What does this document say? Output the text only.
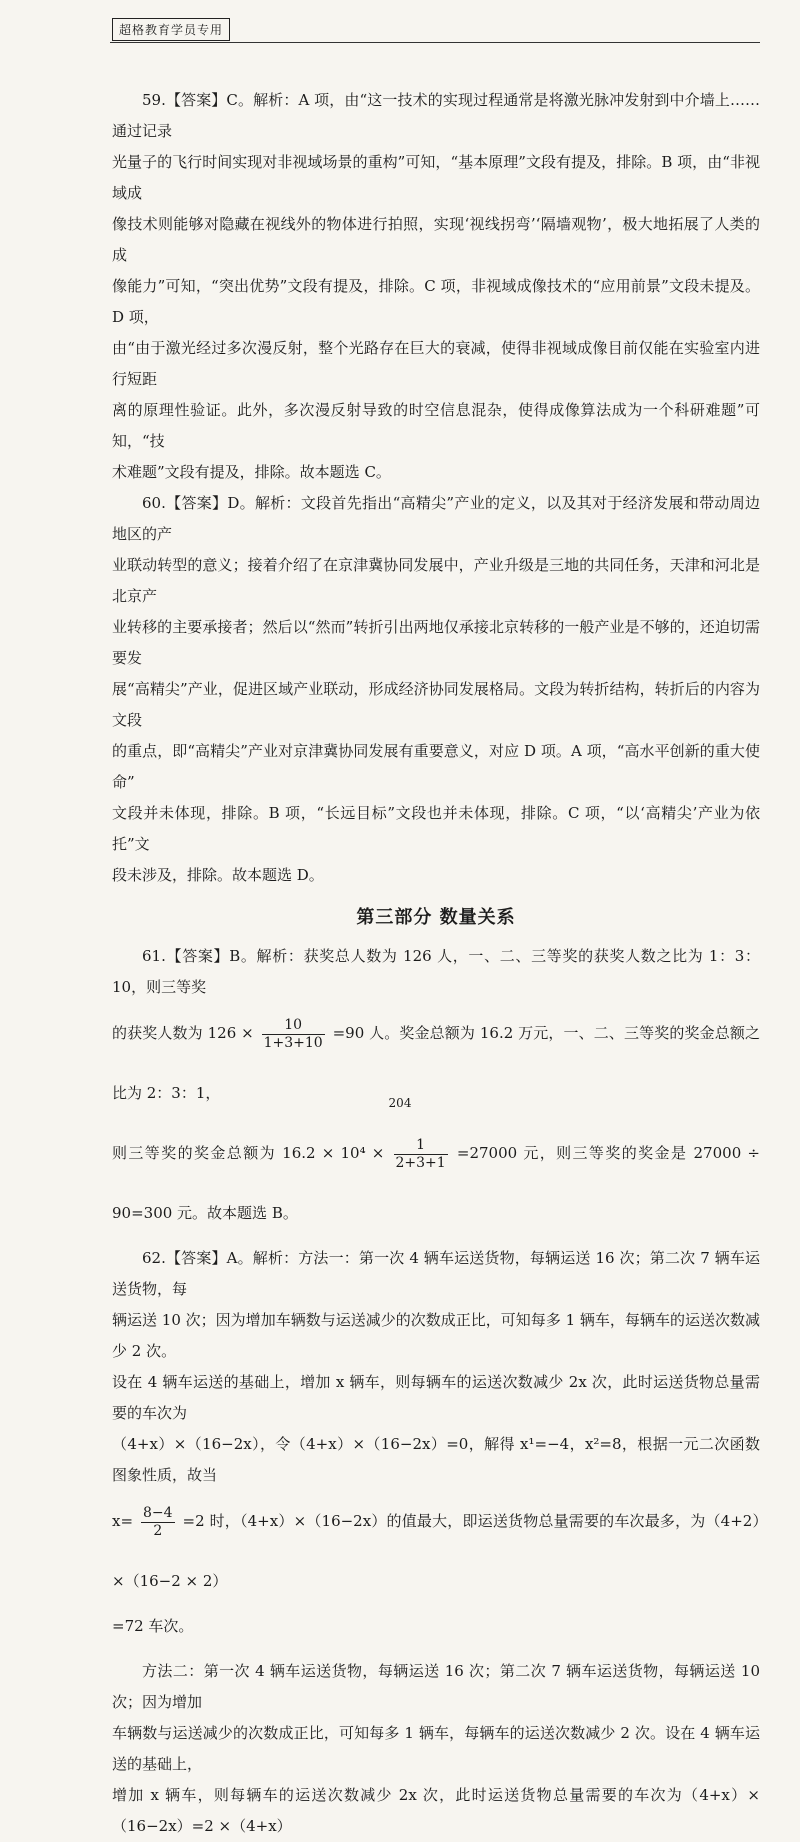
超格教育学员专用

59.【答案】C。解析：A 项，由“这一技术的实现过程通常是将激光脉冲发射到中介墙上……通过记录
光量子的飞行时间实现对非视域场景的重构”可知，“基本原理”文段有提及，排除。B 项，由“非视域成
像技术则能够对隐藏在视线外的物体进行拍照，实现‘视线拐弯’‘隔墙观物’，极大地拓展了人类的成
像能力”可知，“突出优势”文段有提及，排除。C 项，非视域成像技术的“应用前景”文段未提及。D 项，
由“由于激光经过多次漫反射，整个光路存在巨大的衰减，使得非视域成像目前仅能在实验室内进行短距
离的原理性验证。此外，多次漫反射导致的时空信息混杂，使得成像算法成为一个科研难题”可知，“技
术难题”文段有提及，排除。故本题选 C。

60.【答案】D。解析：文段首先指出“高精尖”产业的定义，以及其对于经济发展和带动周边地区的产
业联动转型的意义；接着介绍了在京津冀协同发展中，产业升级是三地的共同任务，天津和河北是北京产
业转移的主要承接者；然后以“然而”转折引出两地仅承接北京转移的一般产业是不够的，还迫切需要发
展“高精尖”产业，促进区域产业联动，形成经济协同发展格局。文段为转折结构，转折后的内容为文段
的重点，即“高精尖”产业对京津冀协同发展有重要意义，对应 D 项。A 项，“高水平创新的重大使命”
文段并未体现，排除。B 项，“长远目标”文段也并未体现，排除。C 项，“以‘高精尖’产业为依托”文
段未涉及，排除。故本题选 D。

第三部分 数量关系

61.【答案】B。解析：获奖总人数为 126 人，一、二、三等奖的获奖人数之比为 1：3：10，则三等奖
的获奖人数为 $126 \times \frac{10}{1+3+10} =90$ 人。奖金总额为 16.2 万元，一、二、三等奖的奖金总额之比为 2：3：1，
则三等奖的奖金总额为 $16.2 \times 10^4 \times \frac{1}{2+3+1} =27000$ 元，则三等奖的奖金是 27000 ÷ 90=300 元。故本题选 B。

62.【答案】A。解析：方法一：第一次 4 辆车运送货物，每辆运送 16 次；第二次 7 辆车运送货物，每
辆运送 10 次；因为增加车辆数与运送减少的次数成正比，可知每多 1 辆车，每辆车的运送次数减少 2 次。
设在 4 辆车运送的基础上，增加 x 辆车，则每辆车的运送次数减少 2x 次，此时运送货物总量需要的车次为
（4+x）×（16−2x），令（4+x）×（16−2x）=0，解得 x¹=−4，x²=8，根据一元二次函数图象性质，故当
$x= \frac{8-4}{2} =2$ 时，（4+x）×（16−2x）的值最大，即运送货物总量需要的车次最多，为（4+2）×（16−2 × 2）
=72 车次。

方法二：第一次 4 辆车运送货物，每辆运送 16 次；第二次 7 辆车运送货物，每辆运送 10 次；因为增加
车辆数与运送减少的次数成正比，可知每多 1 辆车，每辆车的运送次数减少 2 次。设在 4 辆车运送的基础上，
增加 x 辆车，则每辆车的运送次数减少 2x 次，此时运送货物总量需要的车次为（4+x）×（16−2x）=2 ×（4+x）

204
